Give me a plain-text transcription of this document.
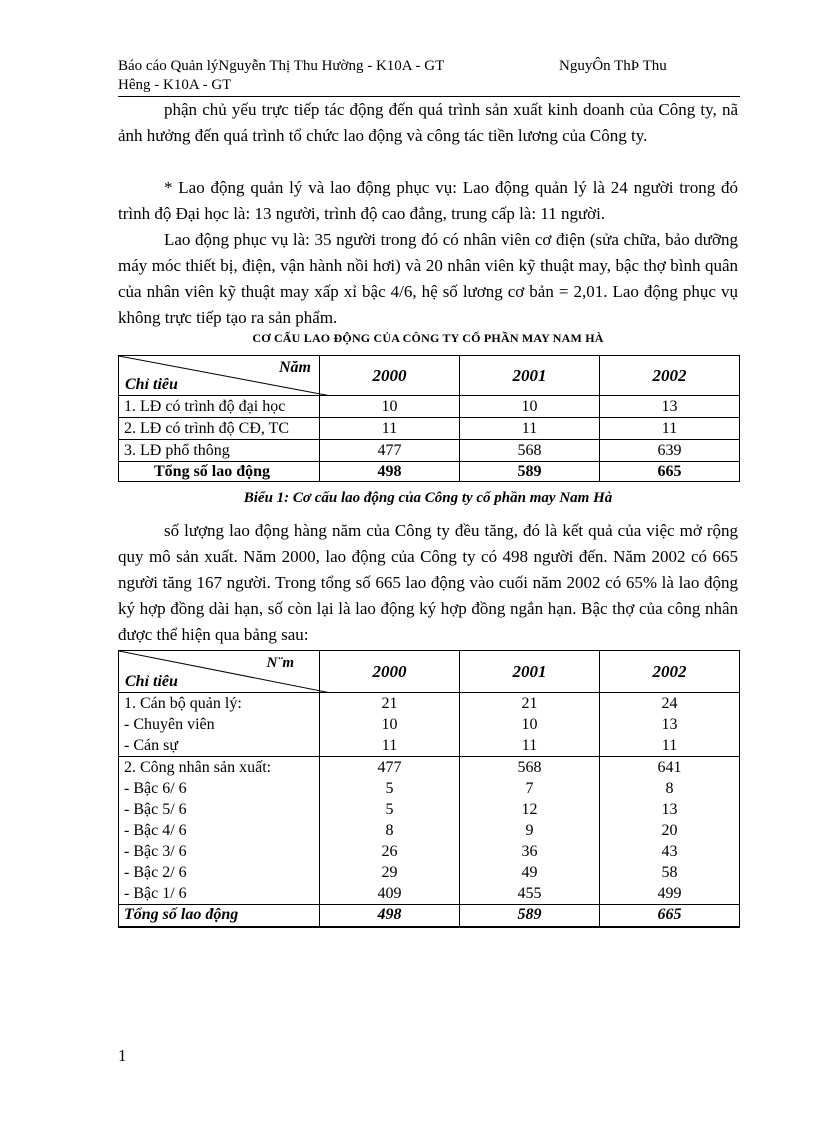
Báo cáo Quản lýNguyễn Thị Thu Hường - K10A - GT	NguyÔn ThÞ Thu

Hêng - K10A - GT
phận chủ yếu trực tiếp tác động đến quá trình sản xuất kinh doanh của Công ty, nã ảnh hưởng đến quá trình tổ chức lao động và công tác tiền lương của Công ty.
* Lao động quản lý và lao động phục vụ: Lao động quản lý là 24 người trong đó trình độ Đại học là: 13 người, trình độ cao đẳng, trung cấp là: 11 người.
Lao động phục vụ là: 35 người trong đó có nhân viên cơ điện (sửa chữa, bảo dưỡng máy móc thiết bị, điện, vận hành nồi hơi) và 20 nhân viên kỹ thuật may, bậc thợ bình quân của nhân viên kỹ thuật may xấp xỉ bậc 4/6, hệ số lương cơ bản = 2,01. Lao động phục vụ không trực tiếp tạo ra sản phẩm.
CƠ CẤU LAO ĐỘNG CỦA CÔNG TY CỔ PHẦN MAY NAM HÀ
Năm
Chỉ tiêu	2000	2001	2002
1. LĐ có trình độ đại học	10	10	13
2. LĐ có trình độ CĐ, TC	11	11	11
3. LĐ phổ thông	477	568	639
Tổng số lao động	498	589	665
Biểu 1: Cơ cấu lao động của Công ty cổ phần may Nam Hà
số lượng lao động hàng năm của Công ty đều tăng, đó là kết quả của việc mở rộng quy mô sản xuất. Năm 2000, lao động của Công ty có 498 người đến. Năm 2002 có 665 người tăng 167 người. Trong tổng số 665 lao động vào cuối năm 2002 có 65% là lao động ký hợp đồng dài hạn, số còn lại là lao động ký hợp đồng ngắn hạn. Bậc thợ của công nhân được thể hiện qua bảng sau:
N¨m
Chỉ tiêu	2000	2001	2002
1. Cán bộ quản lý:	21	21	24
- Chuyên viên	10	10	13
- Cán sự	11	11	11
2. Công nhân sản xuất:	477	568	641
- Bậc 6/ 6	5	7	8
- Bậc 5/ 6	5	12	13
- Bậc 4/ 6	8	9	20
- Bậc 3/ 6	26	36	43
- Bậc 2/ 6	29	49	58
- Bậc 1/ 6	409	455	499
Tổng số lao động	498	589	665
1
